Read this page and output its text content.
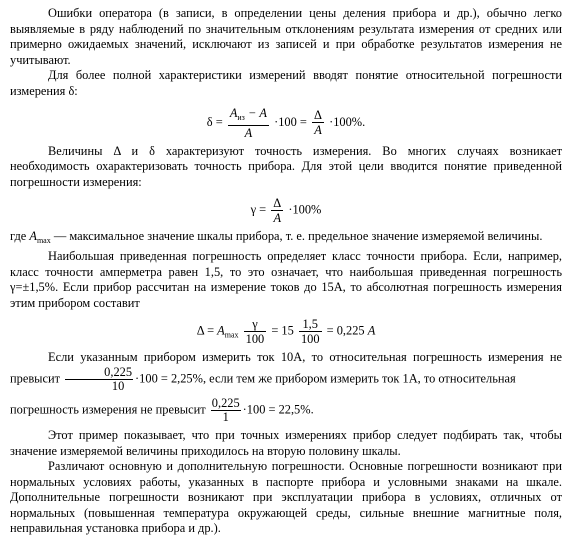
Ошибки оператора (в записи, в определении цены деления прибора и др.), обычно легко выявляемые в ряду наблюдений по значительным отклонениям результата измерения от средних или примерно ожидаемых значений, исключают из записей и при обработке результатов измерения не учитывают.

Для более полной характеристики измерений вводят понятие относительной погрешности измерения δ:

$\delta = \frac{A_{из} - A}{A} \cdot 100 = \frac{\Delta}{A} \cdot 100\%$.

Величины Δ и δ характеризуют точность измерения. Во многих случаях возникает необходимость охарактеризовать точность прибора. Для этой цели вводится понятие приведенной погрешности измерения:

$\gamma = \frac{\Delta}{A} \cdot 100\%$

где $A_{max}$ — максимальное значение шкалы прибора, т. е. предельное значение измеряемой величины.

Наибольшая приведенная погрешность определяет класс точности прибора. Если, например, класс точности амперметра равен 1,5, то это означает, что наибольшая приведенная погрешность γ=±1,5%. Если прибор рассчитан на измерение токов до 15А, то абсолютная погрешность измерения этим прибором составит

$\Delta = A_{max} \frac{\gamma}{100} = 15 \frac{1,5}{100} = 0,225$ A

Если указанным прибором измерить ток 10А, то относительная погрешность измерения не превысит $\frac{0,225}{10} \cdot 100 = 2,25\%$, если тем же прибором измерить ток 1А, то относительная

погрешность измерения не превысит $\frac{0,225}{1} \cdot 100 = 22,5\%$.

Этот пример показывает, что при точных измерениях прибор следует подбирать так, чтобы значение измеряемой величины приходилось на вторую половину шкалы.

Различают основную и дополнительную погрешности. Основные погрешности возникают при нормальных условиях работы, указанных в паспорте прибора и условными знаками на шкале. Дополнительные погрешности возникают при эксплуатации прибора в условиях, отличных от нормальных (повышенная температура окружающей среды, сильные внешние магнитные поля, неправильная установка прибора и др.).
